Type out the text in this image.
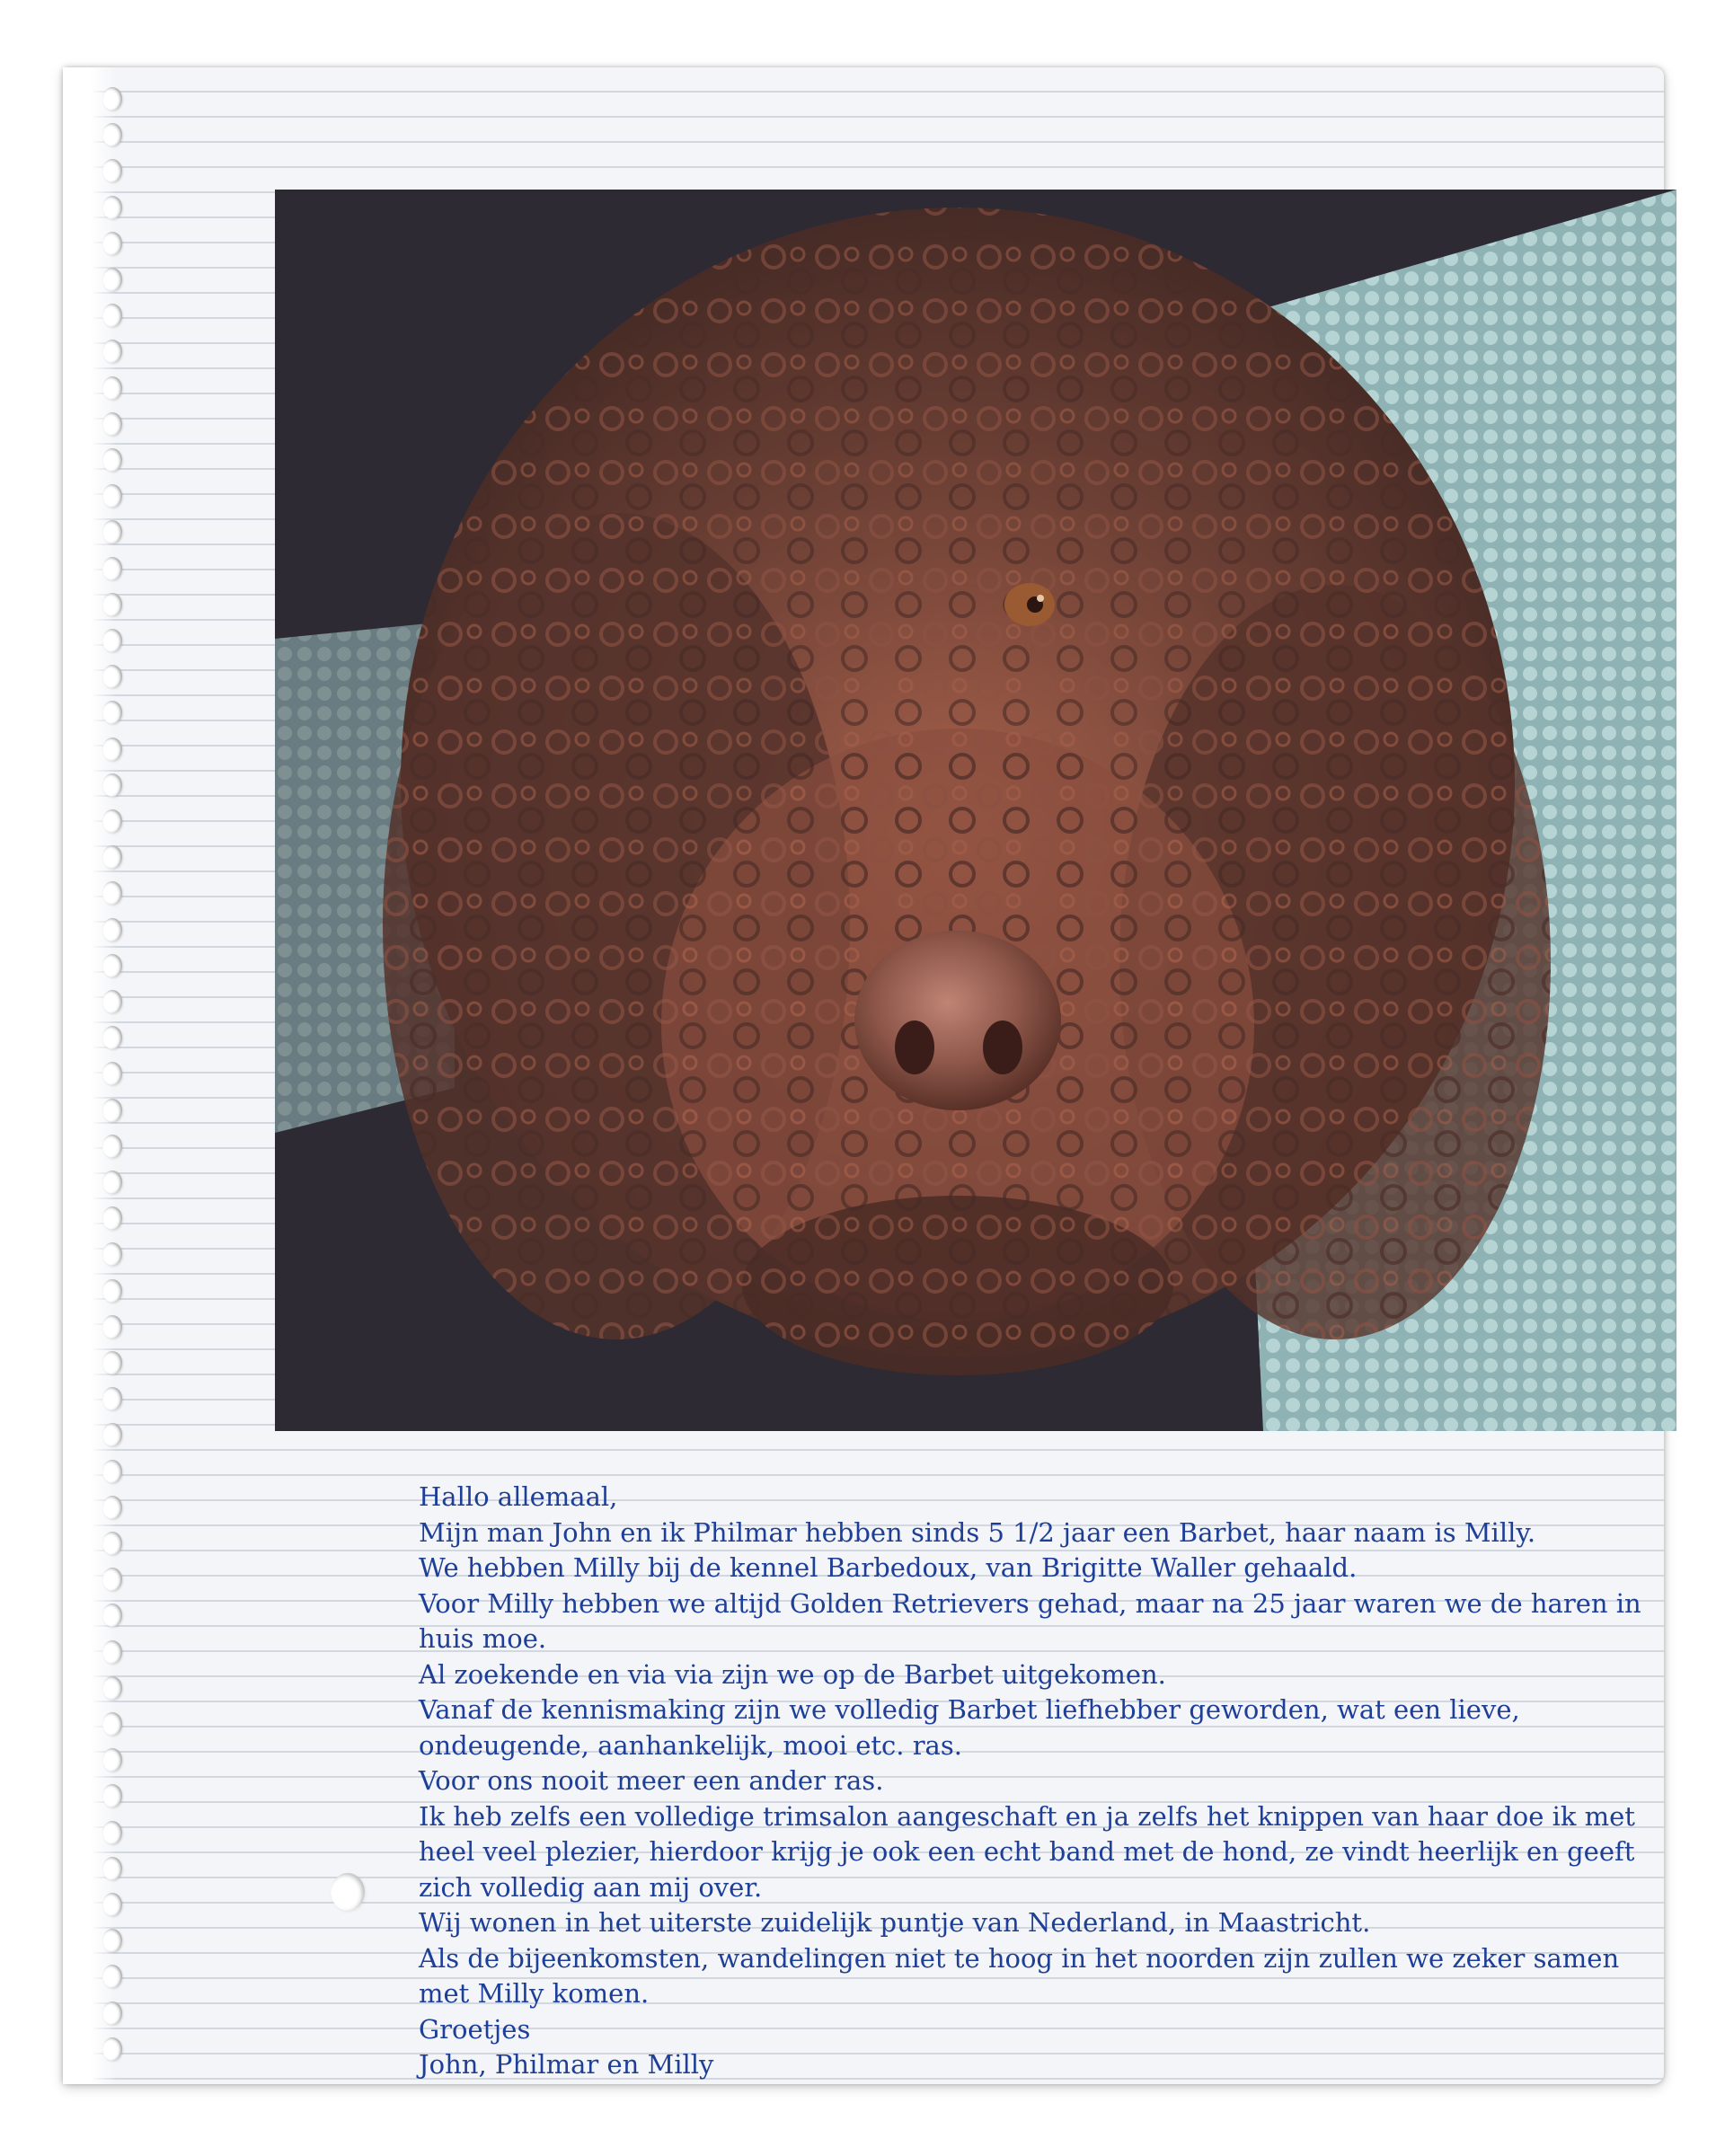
Hallo allemaal,

Mijn man John en ik Philmar hebben sinds 5 1/2 jaar een Barbet, haar naam is Milly.

We hebben Milly bij de kennel Barbedoux, van Brigitte Waller gehaald.

Voor Milly hebben we altijd Golden Retrievers gehad, maar na 25 jaar waren we de haren in huis moe.

Al zoekende en via via zijn we op de Barbet uitgekomen.

Vanaf de kennismaking zijn we volledig Barbet liefhebber geworden, wat een lieve, ondeugende, aanhankelijk, mooi etc. ras.

Voor ons nooit meer een ander ras.

Ik heb zelfs een volledige trimsalon aangeschaft en ja zelfs het knippen van haar doe ik met heel veel plezier, hierdoor krijg je ook een echt band met de hond, ze vindt heerlijk en geeft zich volledig aan mij over.

Wij wonen in het uiterste zuidelijk puntje van Nederland, in Maastricht.

Als de bijeenkomsten, wandelingen niet te hoog in het noorden zijn zullen we zeker samen met Milly komen.

Groetjes

John, Philmar en Milly
